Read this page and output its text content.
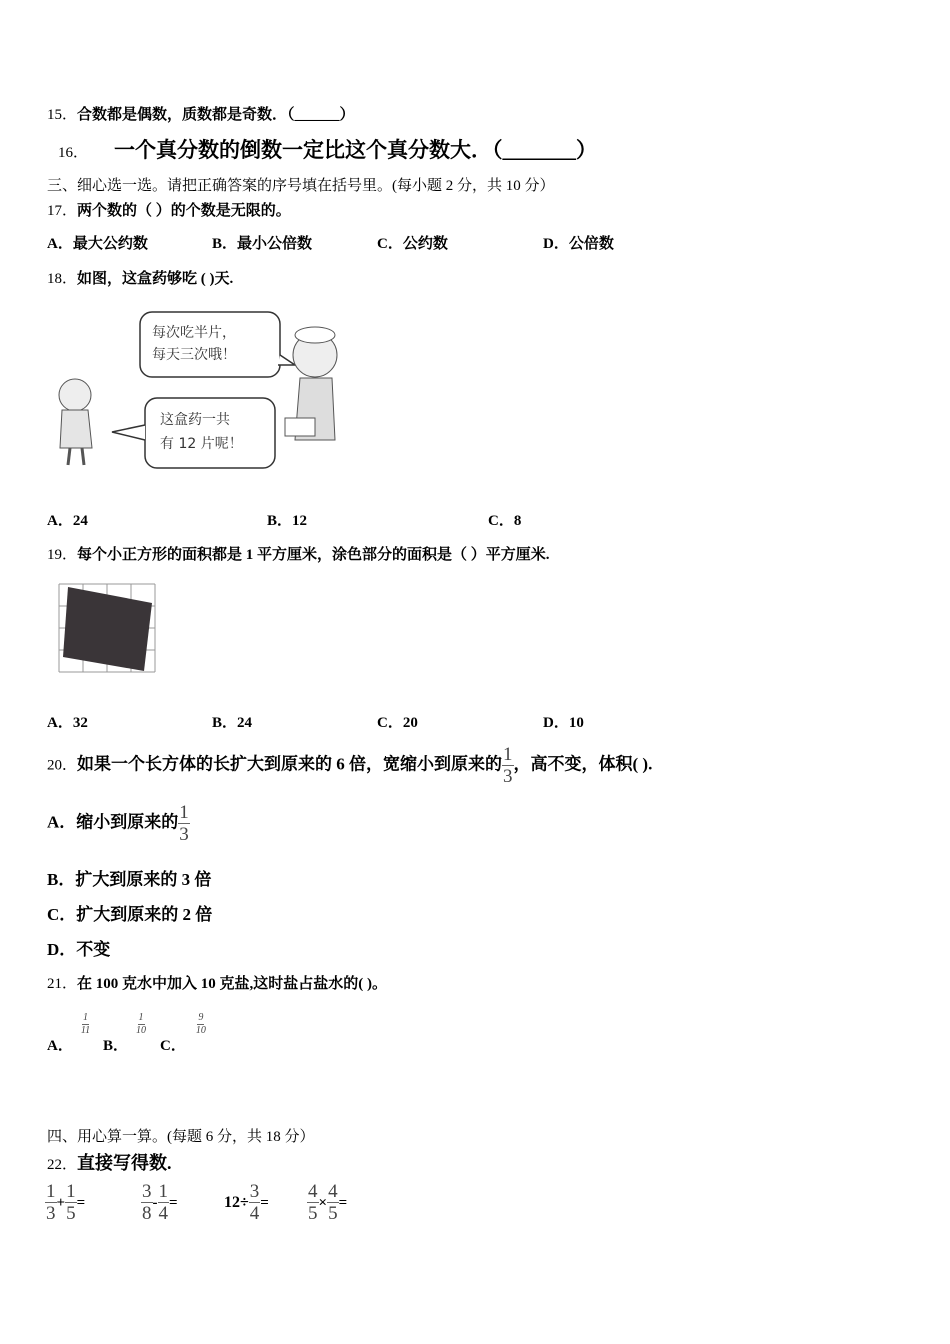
15．合数都是偶数，质数都是奇数．（______）
16． 一个真分数的倒数一定比这个真分数大．（_______）
三、细心选一选。请把正确答案的序号填在括号里。(每小题 2 分，共 10 分）
17．两个数的（ ）的个数是无限的。
A．最大公约数	B．最小公倍数	C．公约数	D．公倍数
18．如图，这盒药够吃 ( )天.
每次吃半片，
每天三次哦！
这盒药一共
有 12 片呢！
A．24	B．12	C．8
19．每个小正方形的面积都是 1 平方厘米，涂色部分的面积是（ ）平方厘米.
A．32	B．24	C．20	D．10
20．如果一个长方体的长扩大到原来的 6 倍，宽缩小到原来的 $\frac{1}{3}$ ，高不变，体积( ).
A．缩小到原来的 $\frac{1}{3}$
B．扩大到原来的 3 倍
C．扩大到原来的 2 倍
D．不变
21．在 100 克水中加入 10 克盐,这时盐占盐水的( )。
A．
$\frac{1}{11}$
B．
$\frac{1}{10}$
C．
$\frac{9}{10}$
四、用心算一算。(每题 6 分，共 18 分）
22．直接写得数.
$\frac{1}{3} + \frac{1}{5}$ =	$\frac{3}{8} - \frac{1}{4}$ =	$12\div \frac{3}{4} = \frac{4}{5} \times \frac{4}{5}$ =
